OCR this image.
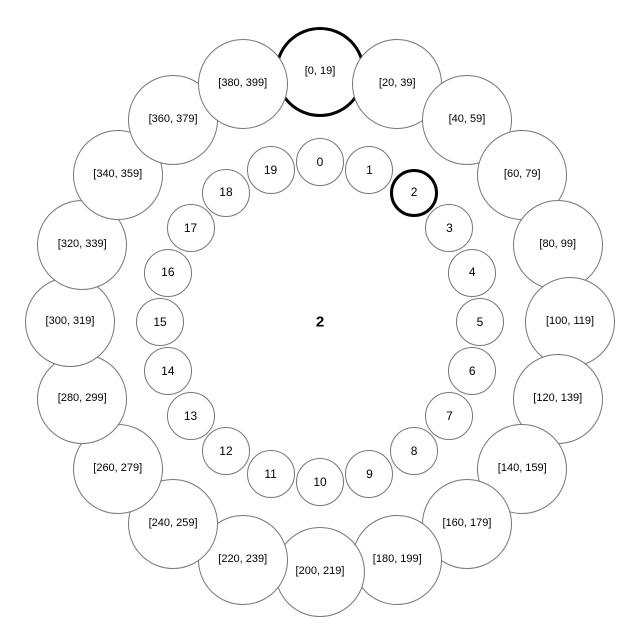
2
[0, 19]
[20, 39]
[40, 59]
[60, 79]
[80, 99]
[100, 119]
[120, 139]
[140, 159]
[160, 179]
[180, 199]
[200, 219]
[220, 239]
[240, 259]
[260, 279]
[280, 299]
[300, 319]
[320, 339]
[340, 359]
[360, 379]
[380, 399]
0
1
2
3
4
5
6
7
8
9
10
11
12
13
14
15
16
17
18
19
